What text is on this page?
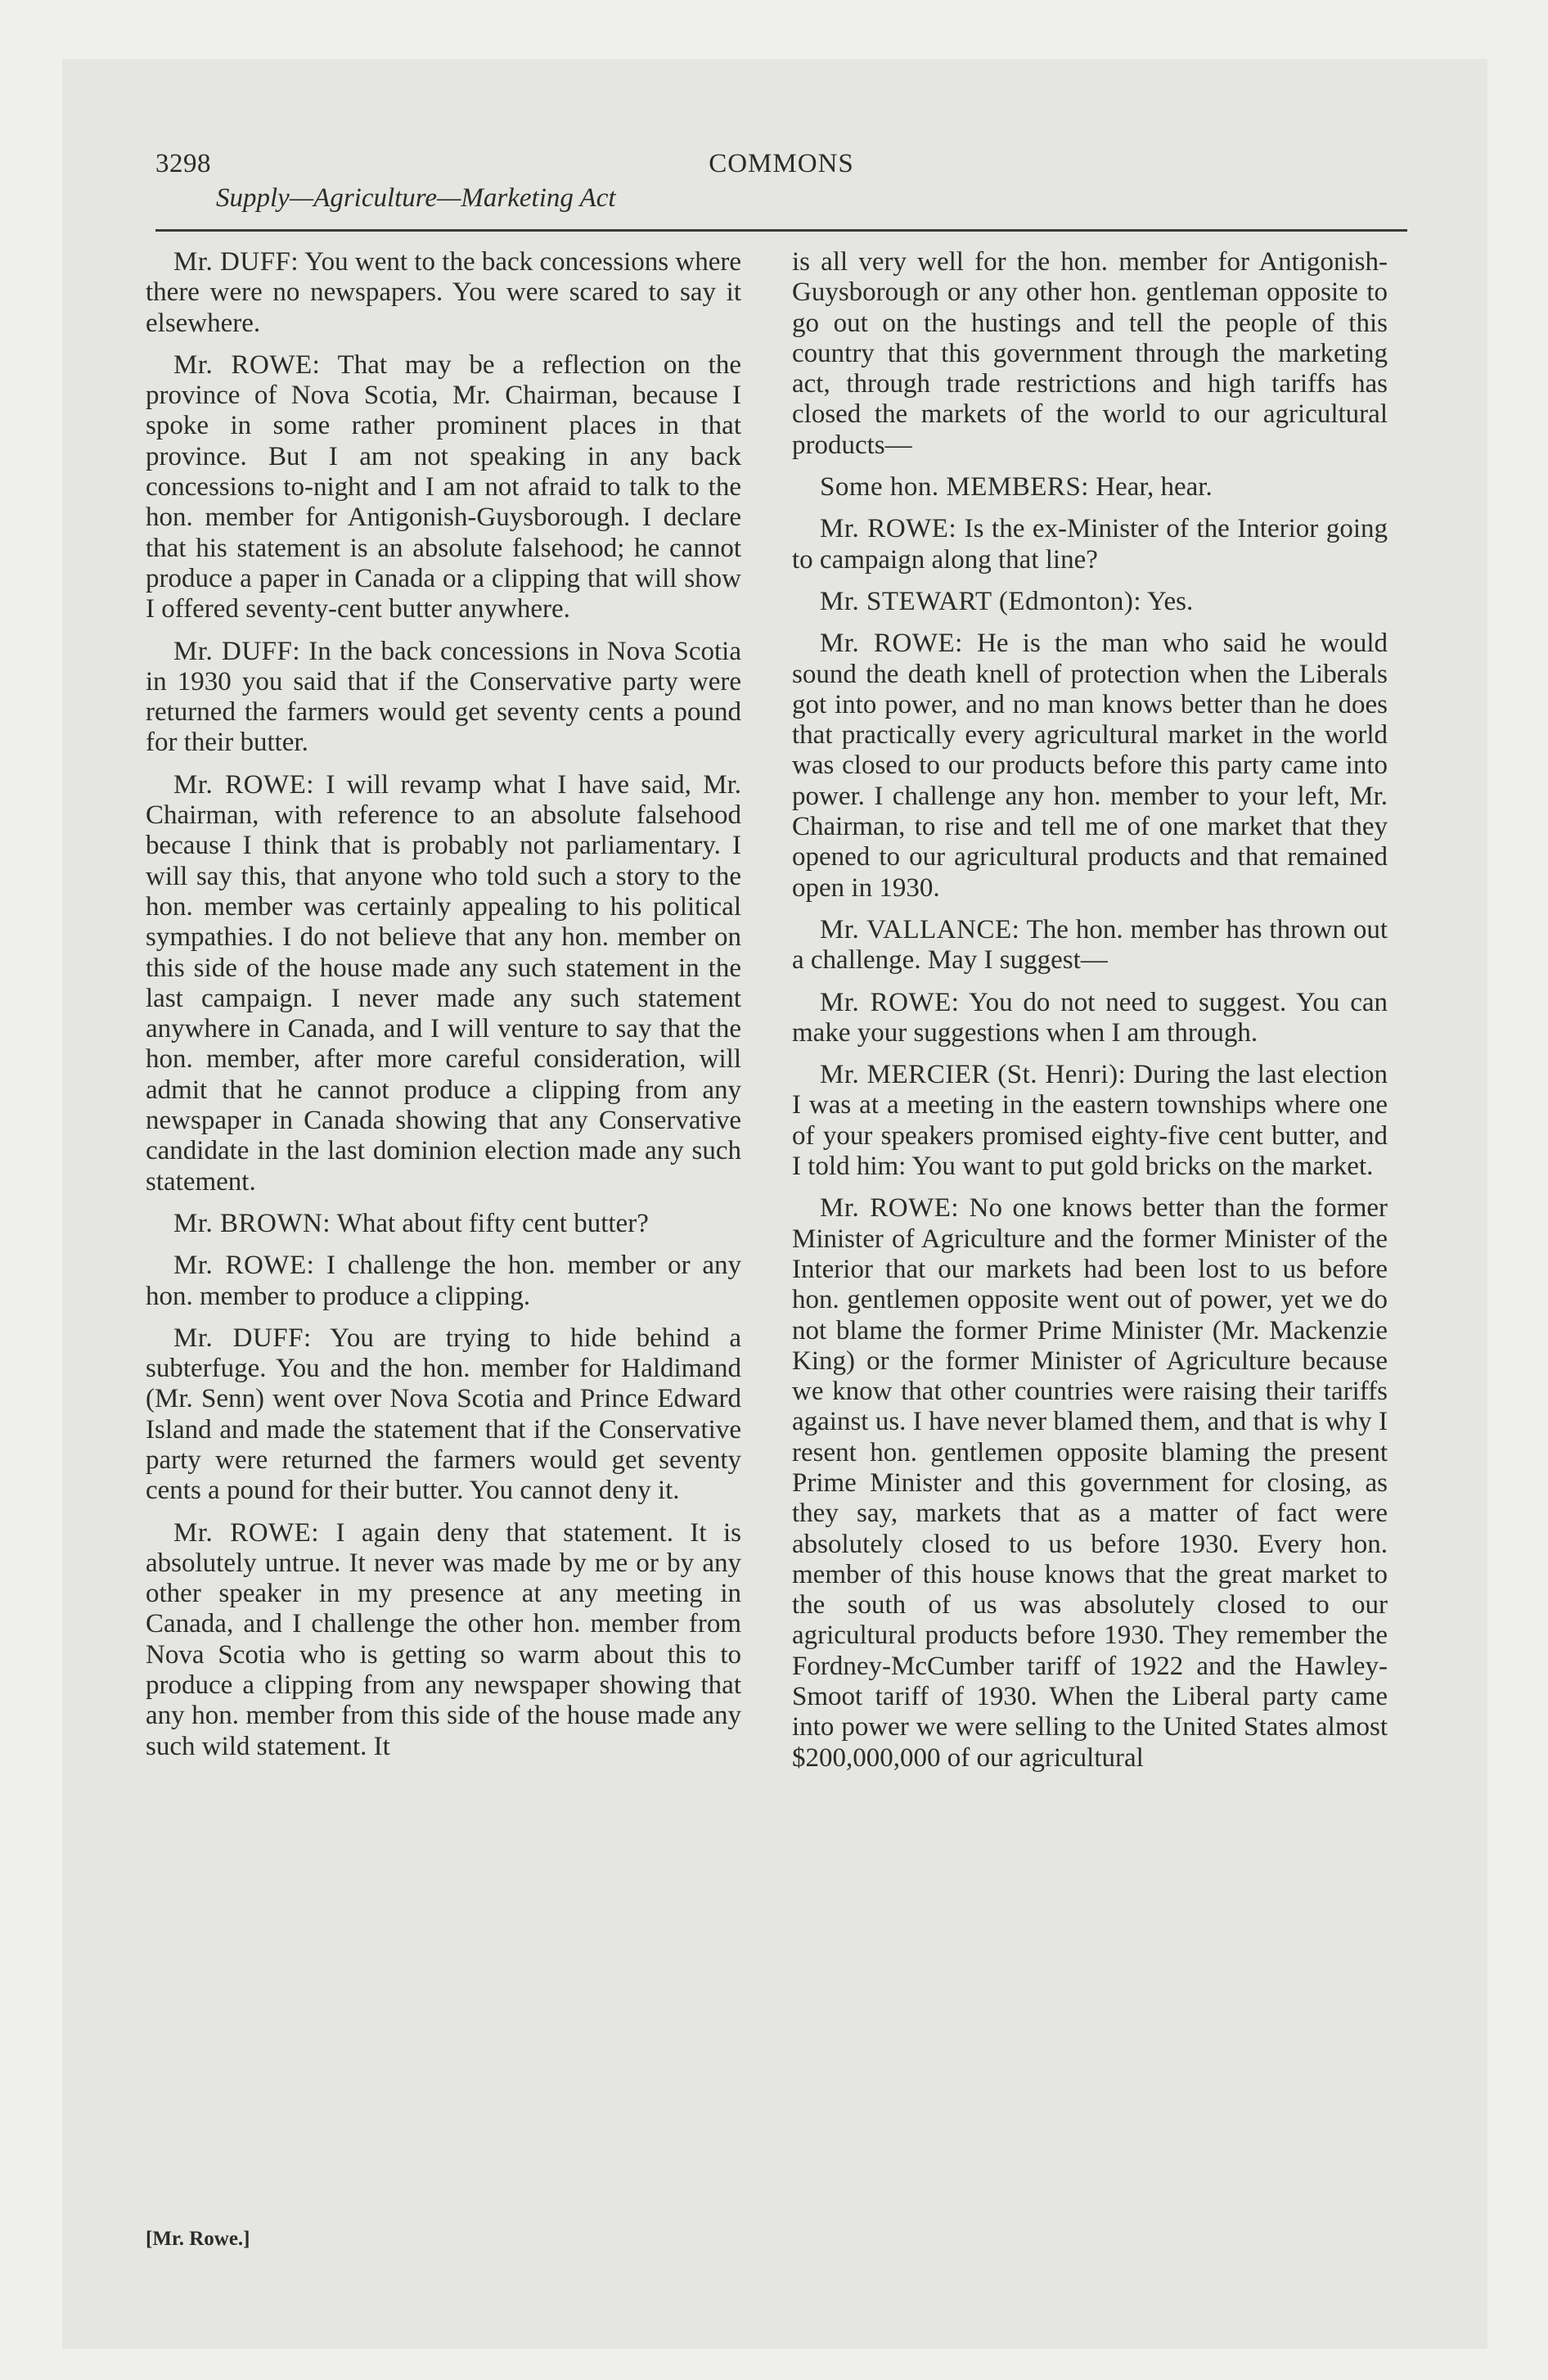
3298	COMMONS
Supply—Agriculture—Marketing Act

Mr. DUFF: You went to the back concessions where there were no newspapers. You were scared to say it elsewhere.

Mr. ROWE: That may be a reflection on the province of Nova Scotia, Mr. Chairman, because I spoke in some rather prominent places in that province. But I am not speaking in any back concessions to-night and I am not afraid to talk to the hon. member for Antigonish-Guysborough. I declare that his statement is an absolute falsehood; he cannot produce a paper in Canada or a clipping that will show I offered seventy-cent butter anywhere.

Mr. DUFF: In the back concessions in Nova Scotia in 1930 you said that if the Conservative party were returned the farmers would get seventy cents a pound for their butter.

Mr. ROWE: I will revamp what I have said, Mr. Chairman, with reference to an absolute falsehood because I think that is probably not parliamentary. I will say this, that anyone who told such a story to the hon. member was certainly appealing to his political sympathies. I do not believe that any hon. member on this side of the house made any such statement in the last campaign. I never made any such statement anywhere in Canada, and I will venture to say that the hon. member, after more careful consideration, will admit that he cannot produce a clipping from any newspaper in Canada showing that any Conservative candidate in the last dominion election made any such statement.

Mr. BROWN: What about fifty cent butter?

Mr. ROWE: I challenge the hon. member or any hon. member to produce a clipping.

Mr. DUFF: You are trying to hide behind a subterfuge. You and the hon. member for Haldimand (Mr. Senn) went over Nova Scotia and Prince Edward Island and made the statement that if the Conservative party were returned the farmers would get seventy cents a pound for their butter. You cannot deny it.

Mr. ROWE: I again deny that statement. It is absolutely untrue. It never was made by me or by any other speaker in my presence at any meeting in Canada, and I challenge the other hon. member from Nova Scotia who is getting so warm about this to produce a clipping from any newspaper showing that any hon. member from this side of the house made any such wild statement. It

is all very well for the hon. member for Antigonish-Guysborough or any other hon. gentleman opposite to go out on the hustings and tell the people of this country that this government through the marketing act, through trade restrictions and high tariffs has closed the markets of the world to our agricultural products—

Some hon. MEMBERS: Hear, hear.

Mr. ROWE: Is the ex-Minister of the Interior going to campaign along that line?

Mr. STEWART (Edmonton): Yes.

Mr. ROWE: He is the man who said he would sound the death knell of protection when the Liberals got into power, and no man knows better than he does that practically every agricultural market in the world was closed to our products before this party came into power. I challenge any hon. member to your left, Mr. Chairman, to rise and tell me of one market that they opened to our agricultural products and that remained open in 1930.

Mr. VALLANCE: The hon. member has thrown out a challenge. May I suggest—

Mr. ROWE: You do not need to suggest. You can make your suggestions when I am through.

Mr. MERCIER (St. Henri): During the last election I was at a meeting in the eastern townships where one of your speakers promised eighty-five cent butter, and I told him: You want to put gold bricks on the market.

Mr. ROWE: No one knows better than the former Minister of Agriculture and the former Minister of the Interior that our markets had been lost to us before hon. gentlemen opposite went out of power, yet we do not blame the former Prime Minister (Mr. Mackenzie King) or the former Minister of Agriculture because we know that other countries were raising their tariffs against us. I have never blamed them, and that is why I resent hon. gentlemen opposite blaming the present Prime Minister and this government for closing, as they say, markets that as a matter of fact were absolutely closed to us before 1930. Every hon. member of this house knows that the great market to the south of us was absolutely closed to our agricultural products before 1930. They remember the Fordney-McCumber tariff of 1922 and the Hawley-Smoot tariff of 1930. When the Liberal party came into power we were selling to the United States almost $200,000,000 of our agricultural

[Mr. Rowe.]
